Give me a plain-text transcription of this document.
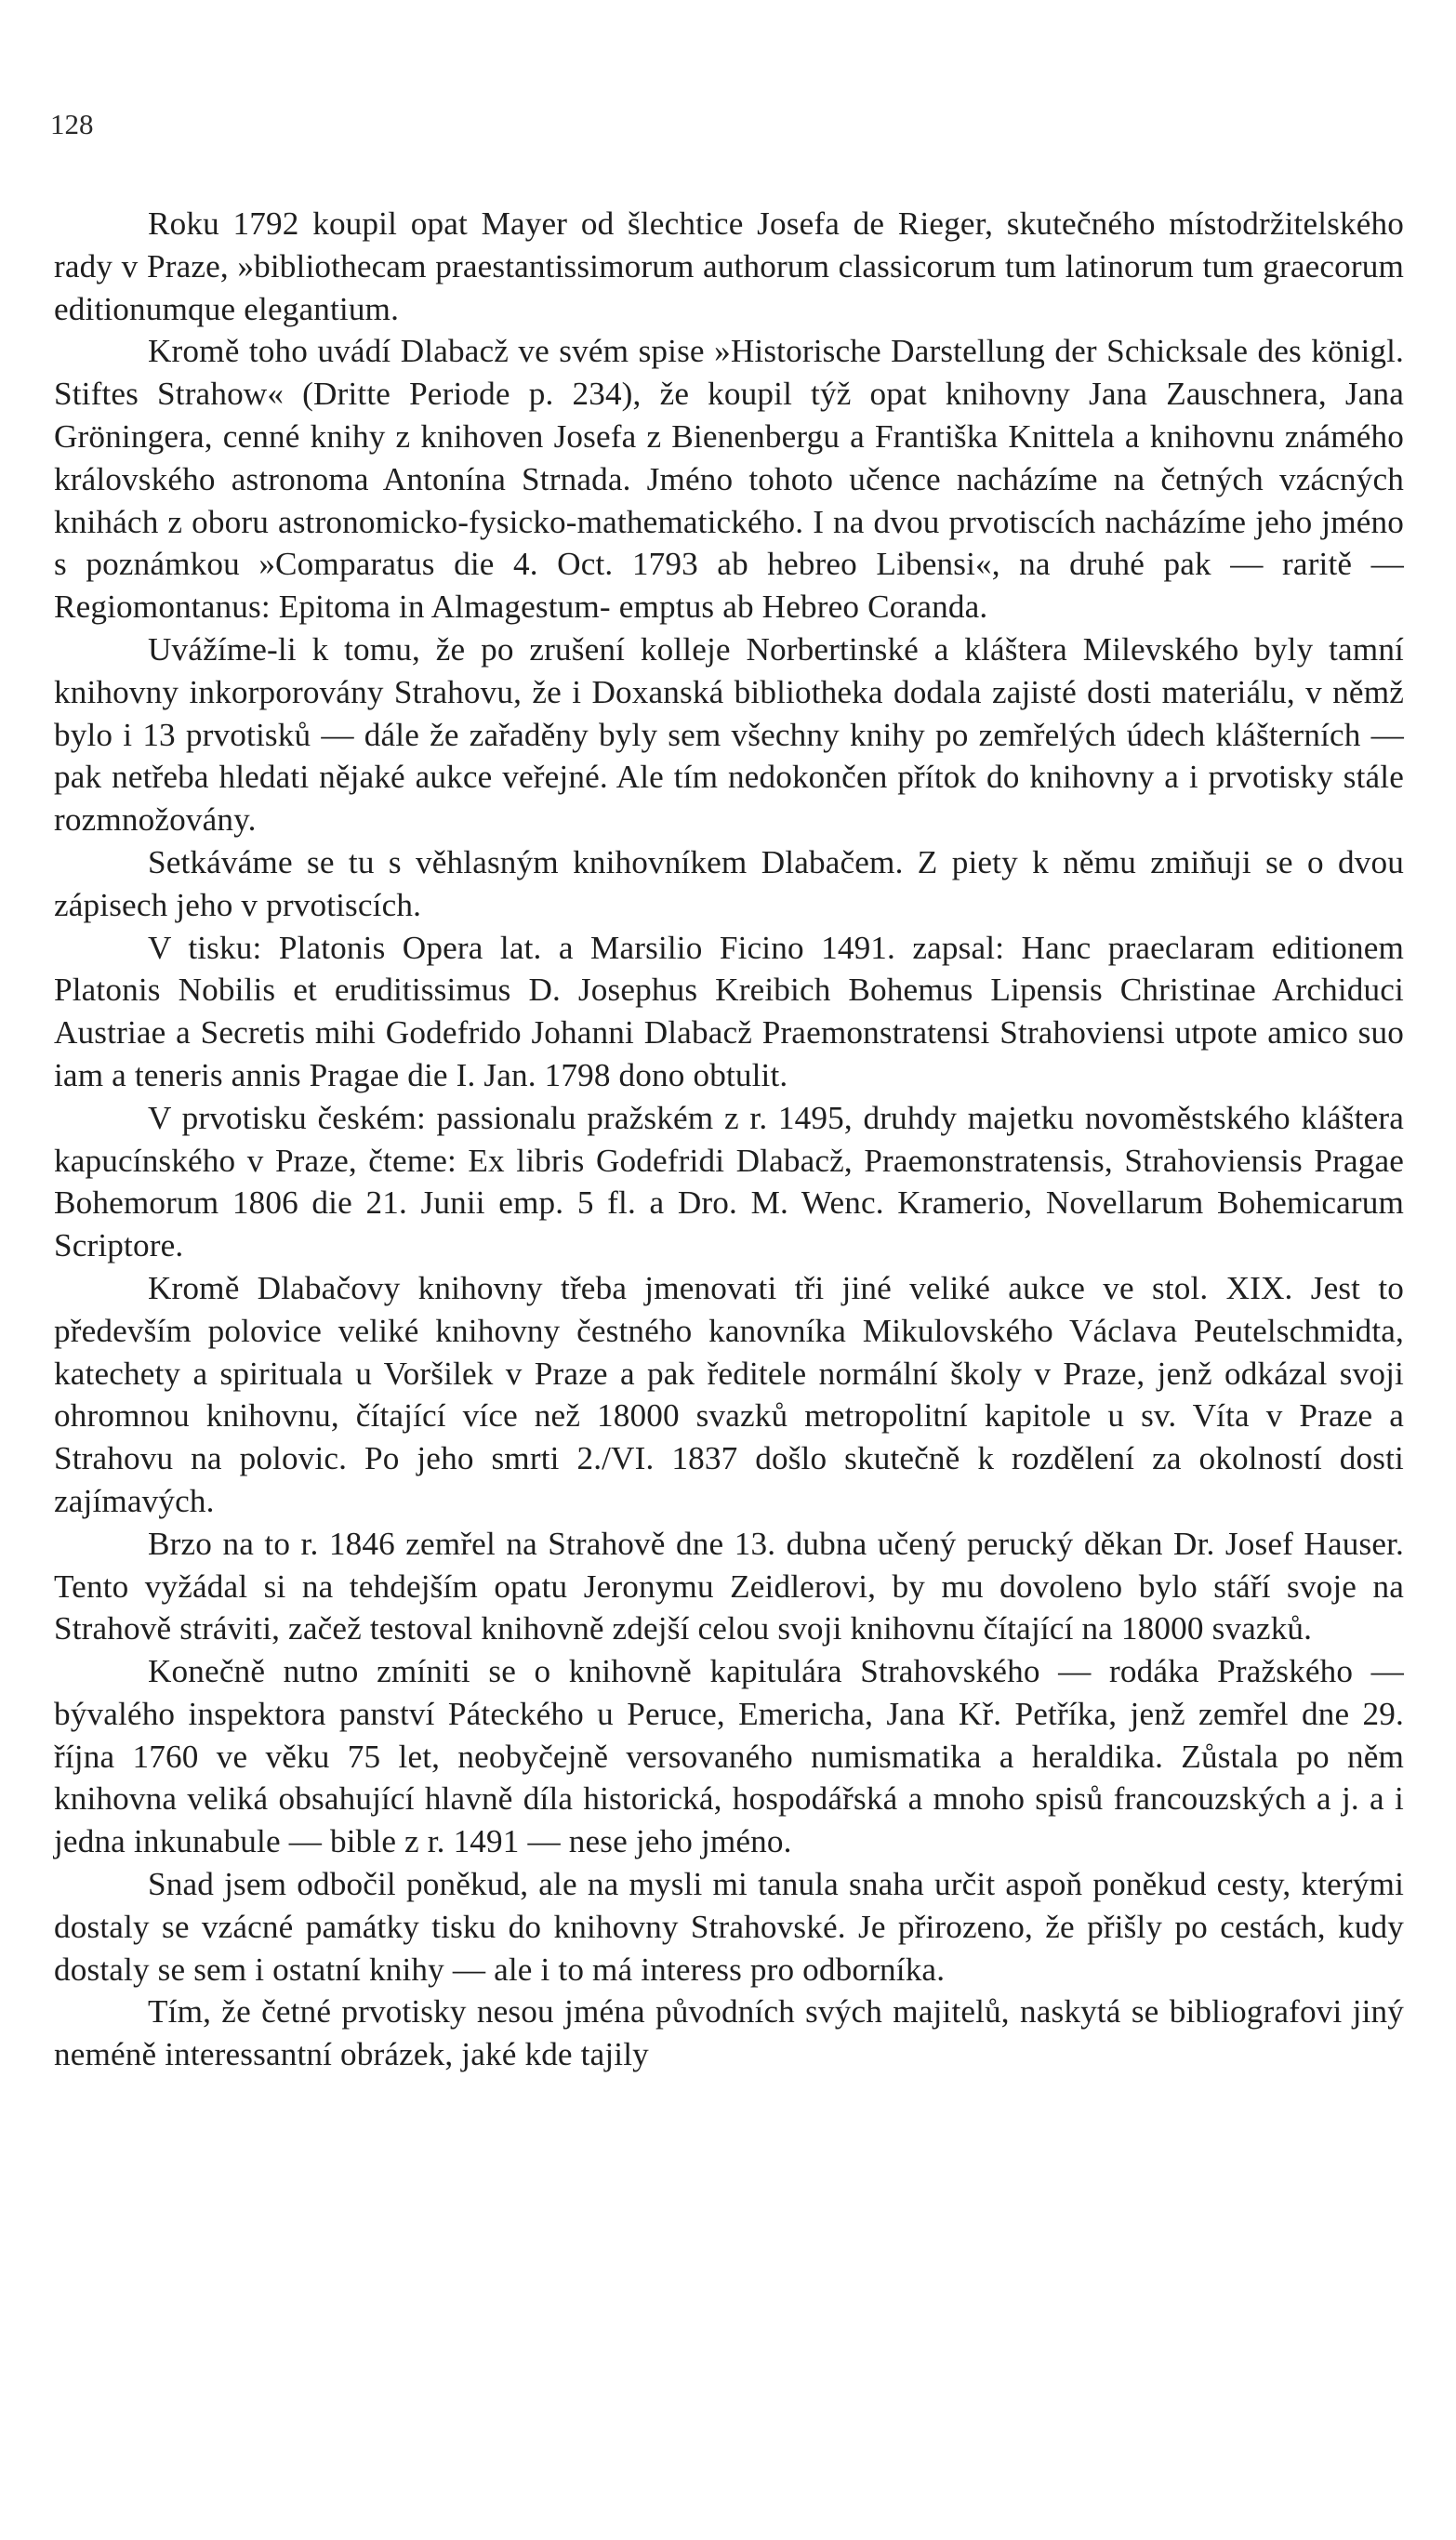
128

Roku 1792 koupil opat Mayer od šlechtice Josefa de Rieger, skutečného místodržitelského rady v Praze, »bibliothecam praestantissimorum authorum classicorum tum latinorum tum graecorum editionumque elegantium.

Kromě toho uvádí Dlabacž ve svém spise »Historische Darstellung der Schicksale des königl. Stiftes Strahow« (Dritte Periode p. 234), že koupil týž opat knihovny Jana Zauschnera, Jana Gröningera, cenné knihy z knihoven Josefa z Bienenbergu a Františka Knittela a knihovnu známého královského astronoma Antonína Strnada. Jméno tohoto učence nacházíme na četných vzácných knihách z oboru astronomicko-fysicko-mathematického. I na dvou prvotiscích nacházíme jeho jméno s poznámkou »Comparatus die 4. Oct. 1793 ab hebreo Libensi«, na druhé pak — raritě — Regiomontanus: Epitoma in Almagestum- emptus ab Hebreo Coranda.

Uvážíme-li k tomu, že po zrušení kolleje Norbertinské a kláštera Milevského byly tamní knihovny inkorporovány Strahovu, že i Doxanská bibliotheka dodala zajisté dosti materiálu, v němž bylo i 13 prvotisků — dále že zařaděny byly sem všechny knihy po zemřelých údech klášterních — pak netřeba hledati nějaké aukce veřejné. Ale tím nedokončen přítok do knihovny a i prvotisky stále rozmnožovány.

Setkáváme se tu s věhlasným knihovníkem Dlabačem. Z piety k němu zmiňuji se o dvou zápisech jeho v prvotiscích.

V tisku: Platonis Opera lat. a Marsilio Ficino 1491. zapsal: Hanc praeclaram editionem Platonis Nobilis et eruditissimus D. Josephus Kreibich Bohemus Lipensis Christinae Archiduci Austriae a Secretis mihi Godefrido Johanni Dlabacž Praemonstratensi Strahoviensi utpote amico suo iam a teneris annis Pragae die I. Jan. 1798 dono obtulit.

V prvotisku českém: passionalu pražském z r. 1495, druhdy majetku novoměstského kláštera kapucínského v Praze, čteme: Ex libris Godefridi Dlabacž, Praemonstratensis, Strahoviensis Pragae Bohemorum 1806 die 21. Junii emp. 5 fl. a Dro. M. Wenc. Kramerio, Novellarum Bohemicarum Scriptore.

Kromě Dlabačovy knihovny třeba jmenovati tři jiné veliké aukce ve stol. XIX. Jest to především polovice veliké knihovny čestného kanovníka Mikulovského Václava Peutelschmidta, katechety a spirituala u Voršilek v Praze a pak ředitele normální školy v Praze, jenž odkázal svoji ohromnou knihovnu, čítající více než 18000 svazků metropolitní kapitole u sv. Víta v Praze a Strahovu na polovic. Po jeho smrti 2./VI. 1837 došlo skutečně k rozdělení za okolností dosti zajímavých.

Brzo na to r. 1846 zemřel na Strahově dne 13. dubna učený perucký děkan Dr. Josef Hauser. Tento vyžádal si na tehdejším opatu Jeronymu Zeidlerovi, by mu dovoleno bylo stáří svoje na Strahově stráviti, začež testoval knihovně zdejší celou svoji knihovnu čítající na 18000 svazků.

Konečně nutno zmíniti se o knihovně kapitulára Strahovského — rodáka Pražského — bývalého inspektora panství Páteckého u Peruce, Emericha, Jana Kř. Petříka, jenž zemřel dne 29. října 1760 ve věku 75 let, neobyčejně versovaného numismatika a heraldika. Zůstala po něm knihovna veliká obsahující hlavně díla historická, hospodářská a mnoho spisů francouzských a j. a i jedna inkunabule — bible z r. 1491 — nese jeho jméno.

Snad jsem odbočil poněkud, ale na mysli mi tanula snaha určit aspoň poněkud cesty, kterými dostaly se vzácné památky tisku do knihovny Strahovské. Je přirozeno, že přišly po cestách, kudy dostaly se sem i ostatní knihy — ale i to má interess pro odborníka.

Tím, že četné prvotisky nesou jména původních svých majitelů, naskytá se bibliografovi jiný neméně interessantní obrázek, jaké kde tajily
